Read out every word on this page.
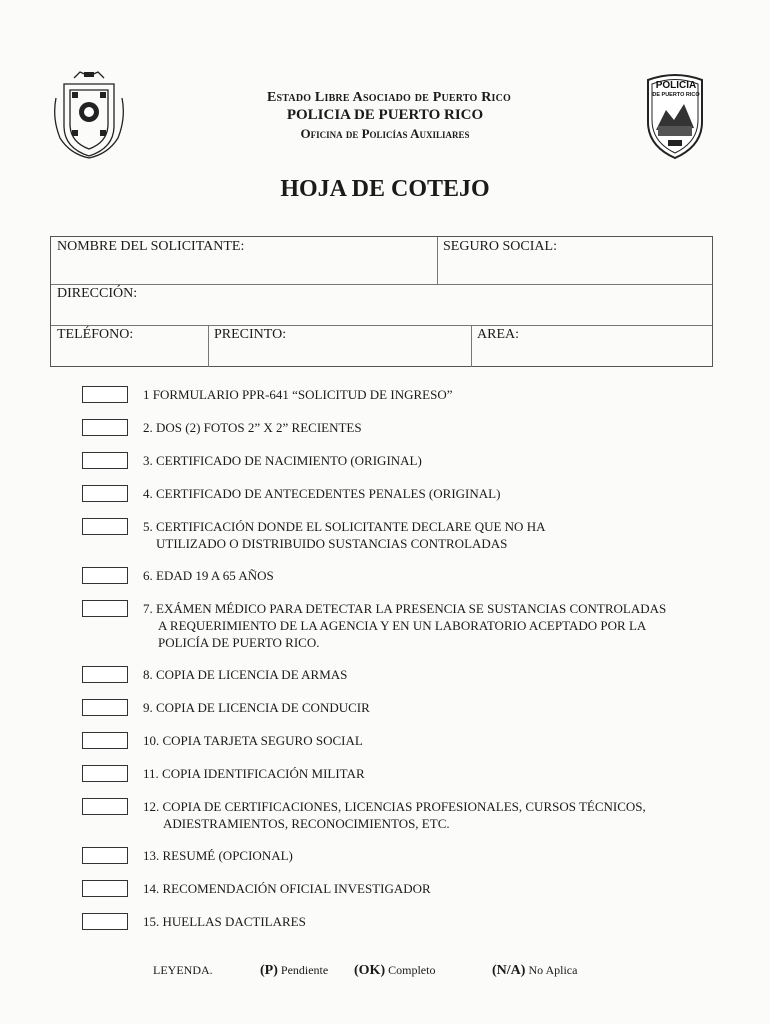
POLICIA
DE PUERTO RICO
Estado Libre Asociado de Puerto Rico
POLICIA DE PUERTO RICO
Oficina de Policías Auxiliares
HOJA DE COTEJO
NOMBRE DEL SOLICITANTE:	SEGURO SOCIAL:
DIRECCIÓN:
TELÉFONO:	PRECINTO:	AREA:
1 FORMULARIO PPR-641 “SOLICITUD DE INGRESO”
2. DOS (2) FOTOS 2” X 2” RECIENTES
3. CERTIFICADO DE NACIMIENTO (ORIGINAL)
4. CERTIFICADO DE ANTECEDENTES PENALES (ORIGINAL)
5. CERTIFICACIÓN DONDE EL SOLICITANTE DECLARE QUE NO HA
UTILIZADO O DISTRIBUIDO SUSTANCIAS CONTROLADAS
6. EDAD 19 A 65 AÑOS
7. EXÁMEN MÉDICO PARA DETECTAR LA PRESENCIA SE SUSTANCIAS CONTROLADAS
A REQUERIMIENTO DE LA AGENCIA Y EN UN LABORATORIO ACEPTADO POR LA
POLICÍA DE PUERTO RICO.
8. COPIA DE LICENCIA DE ARMAS
9. COPIA DE LICENCIA DE CONDUCIR
10. COPIA TARJETA SEGURO SOCIAL
11. COPIA IDENTIFICACIÓN MILITAR
12. COPIA DE CERTIFICACIONES, LICENCIAS PROFESIONALES, CURSOS TÉCNICOS,
ADIESTRAMIENTOS, RECONOCIMIENTOS, ETC.
13. RESUMÉ (OPCIONAL)
14. RECOMENDACIÓN OFICIAL INVESTIGADOR
15. HUELLAS DACTILARES
LEYENDA.	(P) Pendiente (OK) Completo	(N/A) No Aplica
